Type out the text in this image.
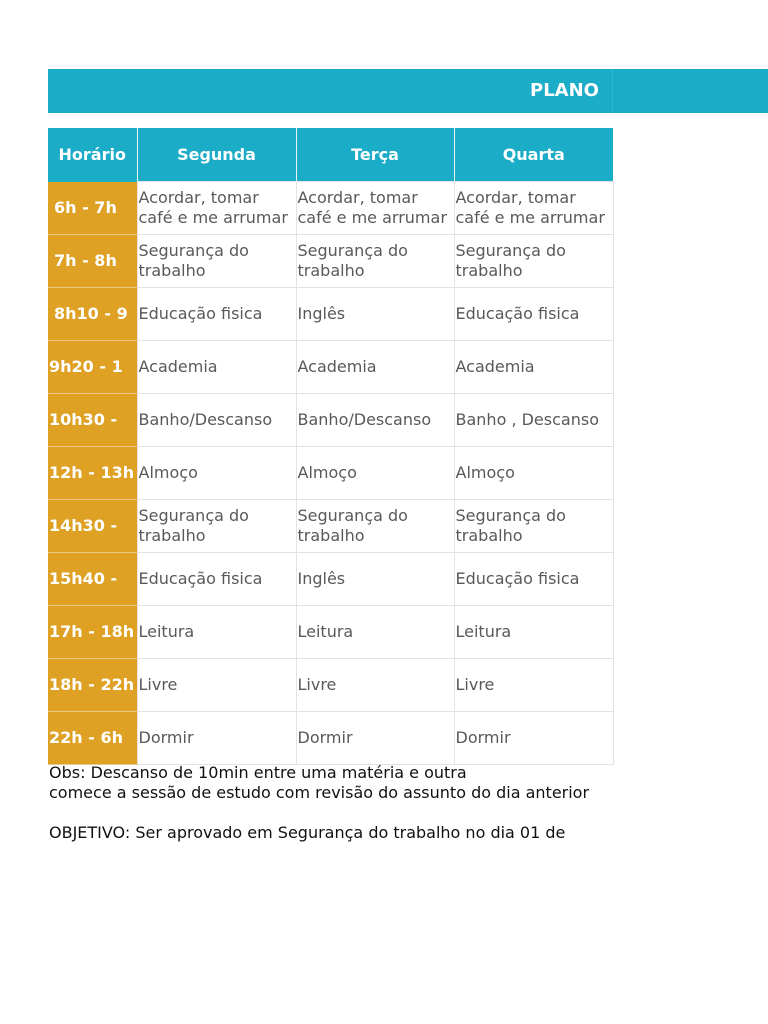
PLANO
Horário	Segunda	Terça	Quarta

6h - 7h	Acordar, tomar café e me arrumar	Acordar, tomar café e me arrumar	Acordar, tomar café e me arrumar

7h - 8h	Segurança do trabalho	Segurança do trabalho	Segurança do trabalho

8h10 - 9	Educação fisica	Inglês	Educação fisica

9h20 - 1	Academia	Academia	Academia

10h30 -	Banho/Descanso	Banho/Descanso	Banho , Descanso

12h - 13h	Almoço	Almoço	Almoço

14h30 -	Segurança do trabalho	Segurança do trabalho	Segurança do trabalho

15h40 -	Educação fisica	Inglês	Educação fisica

17h - 18h	Leitura	Leitura	Leitura

18h - 22h	Livre	Livre	Livre

22h - 6h	Dormir	Dormir	Dormir
Obs: Descanso de 10min entre uma matéria e outra
comece a sessão de estudo com revisão do assunto do dia anterior
OBJETIVO: Ser aprovado em Segurança do trabalho no dia 01 de
